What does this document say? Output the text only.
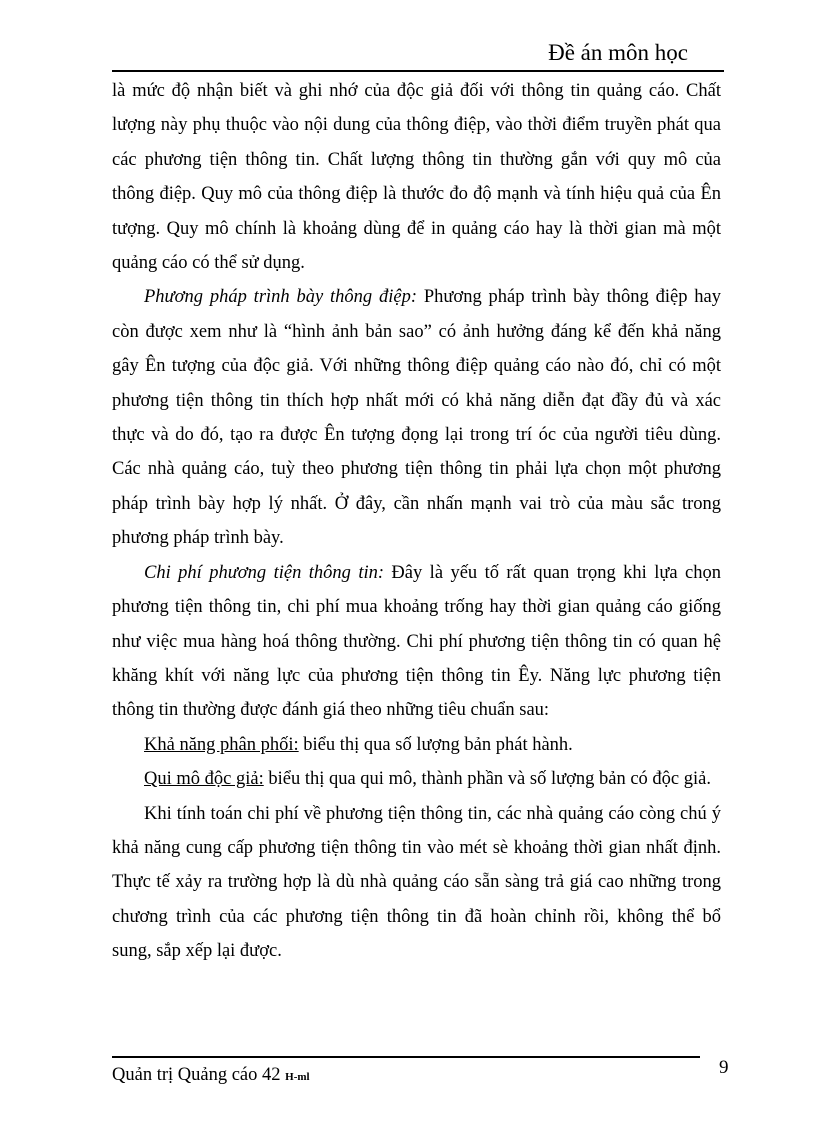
Đề án môn học
là mức độ nhận biết và ghi nhớ của độc giả đối với thông tin quảng cáo. Chất
lượng này phụ thuộc vào nội dung của thông điệp, vào thời điểm truyền phát qua
các phương tiện thông tin. Chất lượng thông tin thường gắn với quy mô của
thông điệp. Quy mô của thông điệp là thước đo độ mạnh và tính hiệu quả của Ên
tượng. Quy mô chính là khoảng dùng để in quảng cáo hay là thời gian mà một
quảng cáo có thể sử dụng.
Phương pháp trình bày thông điệp: Phương pháp trình bày thông điệp hay
còn được xem như là “hình ảnh bản sao” có ảnh hưởng đáng kể đến khả năng
gây Ên tượng của độc giả. Với những thông điệp quảng cáo nào đó, chỉ có một
phương tiện thông tin thích hợp nhất mới có khả năng diễn đạt đầy đủ và xác
thực và do đó, tạo ra được Ên tượng đọng lại trong trí óc của người tiêu dùng.
Các nhà quảng cáo, tuỳ theo phương tiện thông tin phải lựa chọn một phương
pháp trình bày hợp lý nhất. Ở đây, cần nhấn mạnh vai trò của màu sắc trong
phương pháp trình bày.
Chi phí phương tiện thông tin: Đây là yếu tố rất quan trọng khi lựa chọn
phương tiện thông tin, chi phí mua khoảng trống hay thời gian quảng cáo giống
như việc mua hàng hoá thông thường. Chi phí phương tiện thông tin có quan hệ
khăng khít với năng lực của phương tiện thông tin Êy. Năng lực phương tiện
thông tin thường được đánh giá theo những tiêu chuẩn sau:
Khả năng phân phối: biểu thị qua số lượng bản phát hành.
Qui mô độc giả: biểu thị qua qui mô, thành phần và số lượng bản có độc giả.
Khi tính toán chi phí về phương tiện thông tin, các nhà quảng cáo còng chú ý
khả năng cung cấp phương tiện thông tin vào mét sè khoảng thời gian nhất định.
Thực tế xảy ra trường hợp là dù nhà quảng cáo sẵn sàng trả giá cao những trong
chương trình của các phương tiện thông tin đã hoàn chỉnh rồi, không thể bổ
sung, sắp xếp lại được.
Quản trị Quảng cáo 42 H-ml	9
